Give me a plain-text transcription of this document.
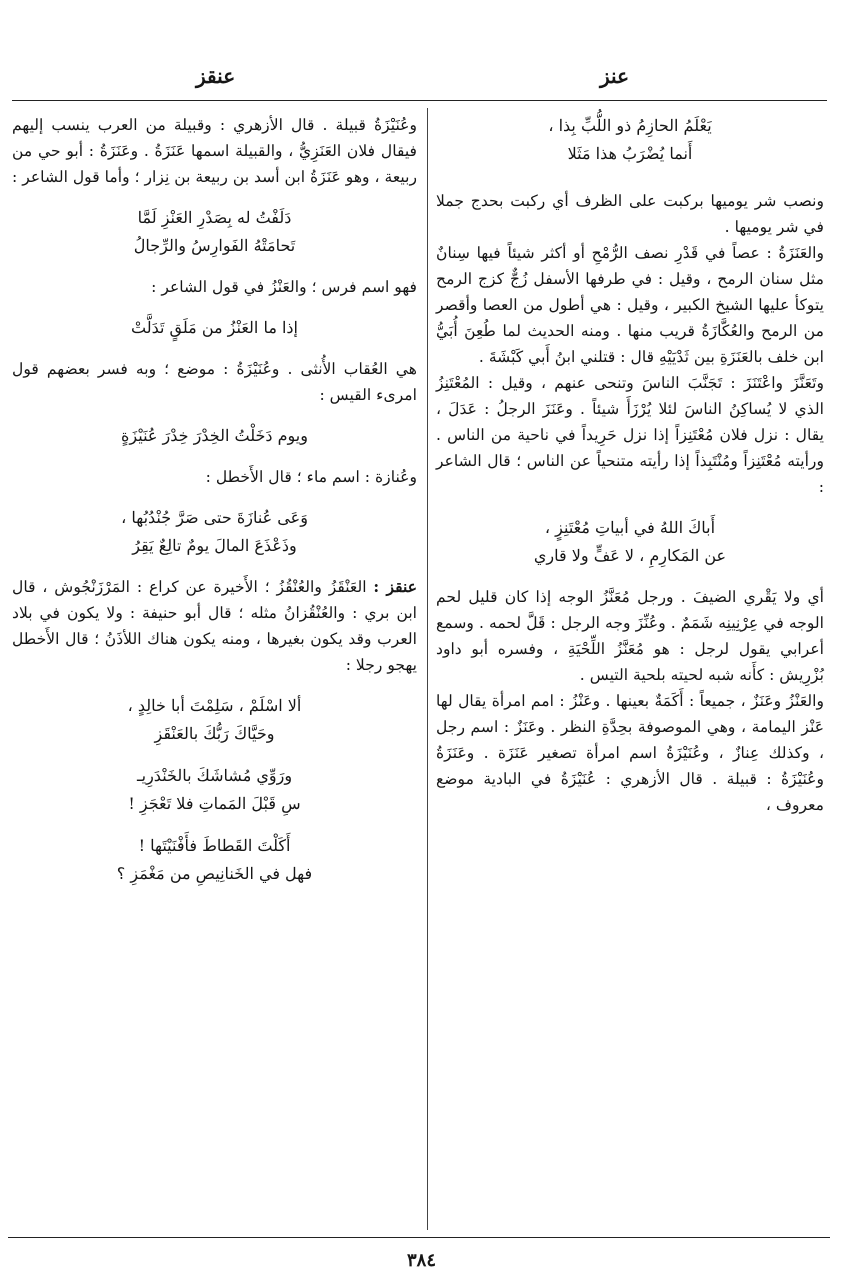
عنز
عنقز
يَعْلَمُ الحازِمُ ذو اللُّبِّ بِذا ،
أَنما يُضْرَبُ هذا مَثَلا

ونصب شر يوميها بركبت على الظرف أي ركبت بحدج جملا في شر يوميها .

والعَنَزَةُ : عصاً في قَدْرِ نصف الرُّمْحِ أو أكثر شيئاً فيها سِنانٌ مثل سنان الرمح ، وقيل : في طرفها الأسفل زُجٌّ كزج الرمح يتوكأ عليها الشيخ الكبير ، وقيل : هي أطول من العصا وأقصر من الرمح والعُكَّازَةُ قريب منها . ومنه الحديث لما طُعِنَ أُبَيُّ ابن خلف بالعَنَزَةِ بين ثَدْيَيْهِ قال : قتلني ابنُ أَبي كَبْشَةَ .

وتَعَنَّزَ واعْتَنَزَ : تَجَنَّبَ الناسَ وتنحى عنهم ، وقيل : المُعْتَنِزُ الذي لا يُساكِنُ الناسَ لئلا يُرْزَأَ شيئاً . وعَنَزَ الرجلُ : عَدَلَ ، يقال : نزل فلان مُعْتَنِزاً إذا نزل حَرِيداً في ناحية من الناس . ورأيته مُعْتَنِزاً ومُنْتَبِذاً إذا رأيته متنحياً عن الناس ؛ قال الشاعر :

أَباكَ اللهُ في أبياتِ مُعْتَنِزٍ ،
عن المَكارِمِ ، لا عَفٍّ ولا قاري

أي ولا يَقْري الضيفَ . ورجل مُعَنَّزُ الوجه إذا كان قليل لحم الوجه في عِرْنِينِه شَمَمٌ . وعُنِّزَ وجه الرجل : قَلَّ لحمه . وسمع أعرابي يقول لرجل : هو مُعَنَّزُ اللِّحْيَةِ ، وفسره أبو داود بُزْرِيش : كأَنه شبه لحيته بلحية التيس .

والعَنْزُ وعَنَزٌ ، جميعاً : أَكَمَةٌ بعينها . وعَنْزُ : امم امرأة يقال لها عَنْز اليمامة ، وهي الموصوفة بحِدَّةِ النظر . وعَنَزٌ : اسم رجل ، وكذلك عِنازٌ ، وعُنَيْزَةُ اسم امرأة تصغير عَنَزَة . وعَنَزَةُ وعُنَيْزَةُ : قبيلة . قال الأزهري : عُنَيْزَةُ في البادية موضع معروف ،

وعُنَيْزَةُ قبيلة . قال الأزهري : وقبيلة من العرب ينسب إليهم فيقال فلان العَنَزِيُّ ، والقبيلة اسمها عَنَزَةُ . وعَنَزَةُ : أبو حي من ربيعة ، وهو عَنَزَةُ ابن أسد بن ربيعة بن نِزار ؛ وأما قول الشاعر :

دَلَفْتُ له بِصَدْرِ العَنْزِ لَمَّا
تَحامَتْهُ الفَوارِسُ والرِّجالُ

فهو اسم فرس ؛ والعَنْزُ في قول الشاعر :

إذا ما العَنْزُ من مَلَقٍ تَدَلَّتْ

هي العُقاب الأُنثى . وعُنَيْزَةُ : موضع ؛ وبه فسر بعضهم قول امرىء القيس :

ويوم دَخَلْتُ الخِدْرَ خِدْرَ عُنَيْزَةٍ

وعُنازة : اسم ماء ؛ قال الأَخطل :

وَعَى عُنازَةَ حتى صَرَّ جُنْدُبُها ،
وذَعْذَعَ المالَ يومٌ تالِعٌ يَقِرُ

عنقز : العَنْقَزُ والعُنْقُزُ ؛ الأَخيرة عن كراع : المَرْزَنْجُوش ، قال ابن بري : والعُنْقُزانُ مثله ؛ قال أبو حنيفة : ولا يكون في بلاد العرب وقد يكون بغيرها ، ومنه يكون هناك اللأذَنُ ؛ قال الأَخطل يهجو رجلا :

ألا اسْلَمْ ، سَلِمْتَ أبا خالِدٍ ،
وحَيَّاكَ رَبُّكَ بالعَنْقَزِ
ورَوِّي مُشاشَكَ بالخَنْدَرِيـ
سِ قَبْلَ المَماتِ فلا تَعْجَزِ !
أَكَلْتَ القَطاطَ فأَفْنَيْتَها !
فهل في الخَنانِيصِ من مَغْمَزِ ؟
٣٨٤
